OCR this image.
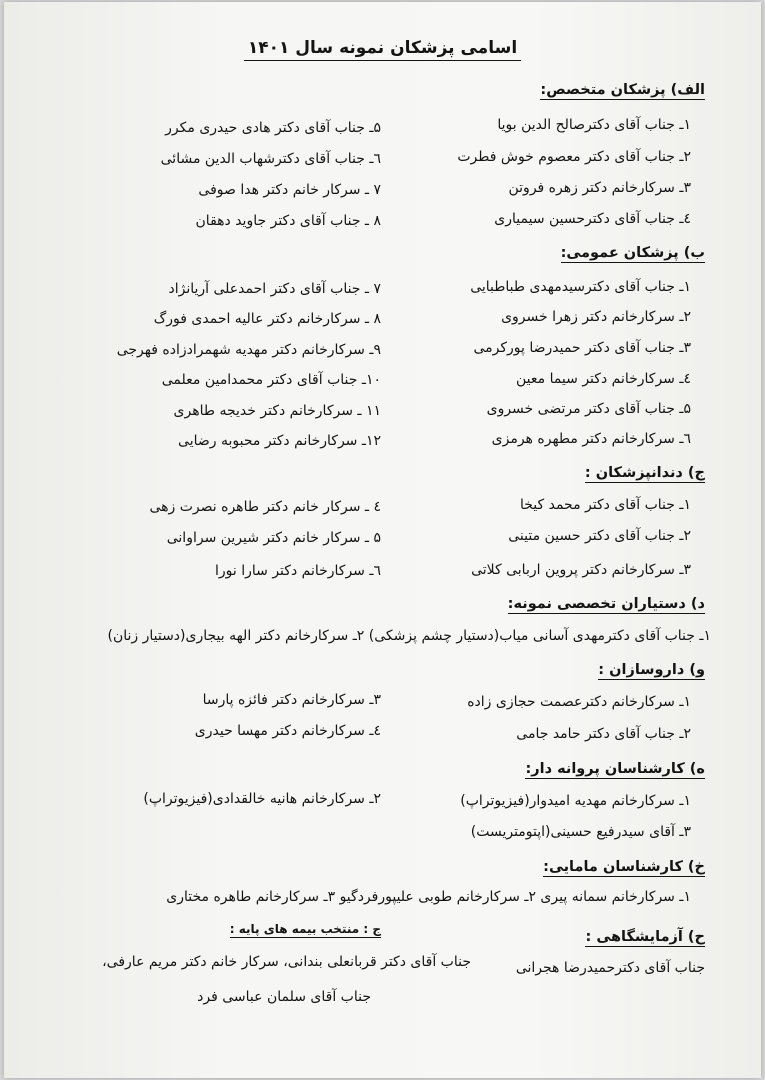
اسامی پزشکان نمونه سال ۱۴۰۱
الف) پزشکان متخصص:
۱ـ جناب آقای دکترصالح الدین بویا
۲ـ جناب آقای دکتر معصوم خوش فطرت
۳ـ سرکارخانم دکتر زهره فروتن
٤ـ جناب آقای دکترحسین سیمیاری
۵ـ جناب آقای دکتر هادی حیدری مکرر
٦ـ جناب آقای دکترشهاب الدین مشائی
۷ ـ سرکار خانم دکتر هدا صوفی
۸ ـ جناب آقای دکتر جاوید دهقان
ب) پزشکان عمومی:
۱ـ جناب آقای دکترسیدمهدی طباطبایی
۲ـ سرکارخانم دکتر زهرا خسروی
۳ـ جناب آقای دکتر حمیدرضا پورکرمی
٤ـ سرکارخانم دکتر سیما معین
۵ـ جناب آقای دکتر مرتضی خسروی
٦ـ سرکارخانم دکتر مطهره هرمزی
۷ ـ جناب آقای دکتر احمدعلی آریانژاد
۸ ـ سرکارخانم دکتر عالیه احمدی فورگ
۹ـ سرکارخانم دکتر مهدیه شهمرادزاده فهرجی
۱۰ـ جناب آقای دکتر محمدامین معلمی
۱۱ ـ سرکارخانم دکتر خدیجه طاهری
۱۲ـ سرکارخانم دکتر محبوبه رضایی
ج) دندانپزشکان :
۱ـ جناب آقای دکتر محمد کیخا
۲ـ جناب آقای دکتر حسین متینی
۳ـ سرکارخانم دکتر پروین اربابی کلاتی
٤ ـ سرکار خانم دکتر طاهره نصرت زهی
۵ ـ سرکار خانم دکتر شیرین سراوانی
٦ـ سرکارخانم دکتر سارا نورا
د) دستیاران تخصصی نمونه:
۱ـ جناب آقای دکترمهدی آسانی میاب(دستیار چشم پزشکی) ۲ـ سرکارخانم دکتر الهه بیجاری(دستیار زنان)
و) داروسازان :
۱ـ سرکارخانم دکترعصمت حجازی زاده
۲ـ جناب آقای دکتر حامد جامی
۳ـ سرکارخانم دکتر فائزه پارسا
٤ـ سرکارخانم دکتر مهسا حیدری
ه) کارشناسان پروانه دار:
۱ـ سرکارخانم مهدیه امیدوار(فیزیوتراپ)
۳ـ آقای سیدرفیع حسینی(اپتومتریست)
۲ـ سرکارخانم هانیه خالقدادی(فیزیوتراپ)
خ) کارشناسان مامایی:
۱ـ سرکارخانم سمانه پیری ۲ـ سرکارخانم طوبی علیپورفردگیو ۳ـ سرکارخانم طاهره مختاری
ح) آزمایشگاهی :
جناب آقای دکترحمیدرضا هجرانی
ج : منتخب بیمه های پایه :
جناب آقای دکتر قربانعلی بندانی، سرکار خانم دکتر مریم عارفی،
جناب آقای سلمان عباسی فرد
